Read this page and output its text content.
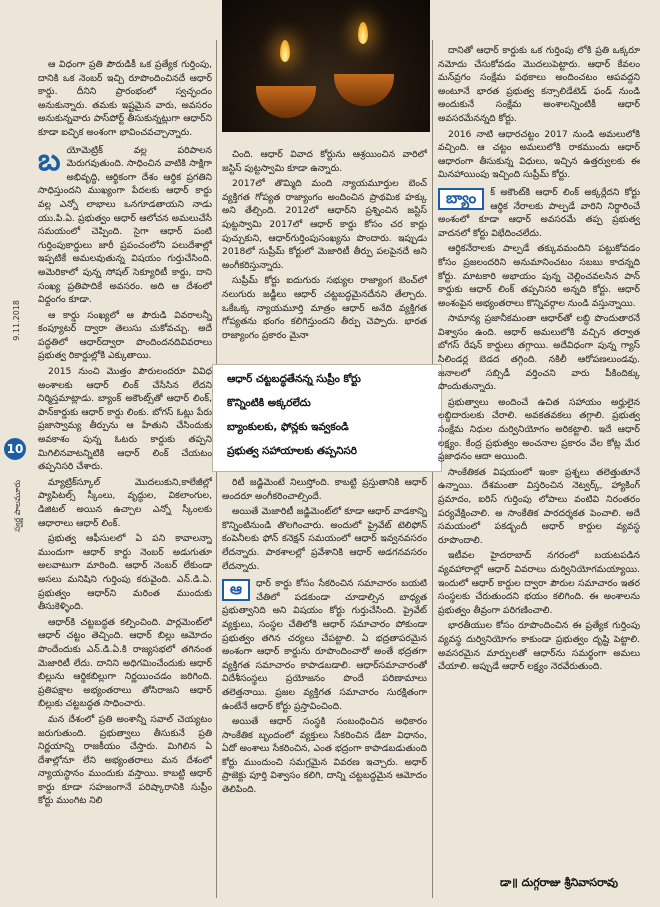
9.11.2018
స్వర్ణ పాలమూరు
10

ఆ విధంగా ప్రతి పౌరుడికీ ఒక ప్రత్యేక గుర్తింపు, దానికి ఒక నెంబర్ ఇచ్చి రూపొందించినదే ఆధార్ కార్డు. దీనిని ప్రారంభంలో స్వచ్ఛందం అనుకున్నారు. తమకు ఇష్టమైన వారు, అవసరం అనుకున్నవారు పాస్‌పోర్ట్ తీసుకున్నట్లుగా ఆధార్‌ని కూడా ఐచ్ఛిక అంశంగా భావించవచ్చాన్నారు.

బయోమెట్రిక్ వల్ల పరిపాలన మెరుగవుతుంది. సాధించిన వాటికి సాక్షిగా అభివృద్ధి, ఆర్థికంగా దేశం ఆర్థిక ప్రగతిని సాధిస్తుందని ముఖ్యంగా పేదలకు ఆధార్ కార్డు వల్ల ఎన్నో లాభాలు ఒనగూడతాయని నాడు యు.పి.ఏ. ప్రభుత్వం ఆధార్ ఆలోచన అమలుచేసే సమయంలో చెప్పింది. సైగా ఆధార్ పంటి గుర్తింపుకార్డులు జారీ ప్రపంచంలోని పలుదేశాల్లో ఇప్పటికే అమలవుతున్న విషయం గుర్తుచేసింది. అమెరికాలో పున్న సోషల్ సెక్యూరిటీ కార్డు, దాని సంఖ్య ప్రతిపాదికే అవసరం. అది ఆ దేశంలో విధ్దంగం కూడా.

ఆ కార్డు సంఖ్యలో ఆ పౌరుడి వివరాలన్నీ కంప్యూటర్ ద్వారా తెలుసు చుకోవచ్చు. అదే పద్ధతిలో ఆధార్‌ద్వారా పొందిందనదివివరాలు ప్రభుత్వ రికార్డుల్లోకి ఎక్కుతాయి.

2015 నుంచి మొత్తం పౌరులందరూ వివిధ అంశాలకు ఆధార్ లింక్ చేసేసిన లేదని నిర్మిస్తమాట్లాడు. బ్యాంక్ అకౌంట్స్‌తో ఆధార్ లింక్, పాన్‌కార్డుకు ఆధార్ కార్డు లింకు. బోగస్ ఓట్లు పేరు ప్రజాస్వామ్య తీర్పును ఆ హేతుని చేసిందుకు అవకాశం పున్న ఓటరు కార్డుకు తప్పని మిగిలినవాటన్నిటికి ఆధార్ లింక్ చేయటం తప్పనిసరి చేశారు.

మ్యాట్రిక్‌స్కూల్ మొదలుకుని,కాలేజీల్లో ప్యాపిటల్స్ స్కీంలు, వృద్ధుల, వికలాంగుల, డిజిటల్ అయిన ఉచ్చాల ఎన్నో స్కీంలకు ఆధారాలు ఆధార్ లింక్.

ప్రభుత్వ ఆఫీసులలో ఏ పని కావాలన్నా ముందుగా ఆధార్ కార్డు నెంబర్ అడుగుతూ అలవాటుగా మారింది. ఆధార్ నెంబర్ లేకుండా అసలు మనిషిని గుర్తింపు కరువైంది. ఎన్.డి.ఏ. ప్రభుత్వం ఆధార్‌ని మరింత ముందుకు తీసుకెళ్ళింది.

ఆధార్‌కి చట్టబద్ధత కల్పించింది. పార్లమెంట్‌లో ఆధార్ చట్టం తెచ్చింది. ఆధార్ బిల్లు ఆమోదం పొందేందుకు ఎన్.డి.ఏ.కి రాజ్యసభలో తగినంత మెజారిటీ లేదు. దానిని అధిగమించేందుకు ఆధార్ బిల్లును ఆర్థికబిల్లుగా నిర్ణయించడం జరిగింది. ప్రతిపక్షాల అభ్యంతరాలు తోసిరాజని ఆధార్ బిల్లుకు చట్టబద్ధత సాధించారు.

మన దేశంలో ప్రతి అంశాన్నీ సవాల్ చెయ్యటం జరుగుతుంది. ప్రభుత్వాలు తీసుకునే ప్రతి నిర్ణయాన్ని రాజకీయం చేస్తారు. మిగిలిన ఏ దేశాల్లోనూ లేని అభ్యంతరాలు మన దేశంలో న్యాయస్థానం ముందుకు వస్తాయి. కాబట్టి ఆధార్ కార్డు కూడా సహజంగానే పరిష్కారానికి సుప్రీం కోర్టు ముంగిట నిలి

చింది. ఆధార్ వివాద కోర్టును ఆశ్రయించిన వారిలో జస్టిస్ పుట్టస్వామి కూడా ఉన్నారు.

2017లో తొమ్మిది మంది న్యాయమూర్తుల బెంచ్ వ్యక్తిగత గోప్యత రాజ్యాంగం అందించిన ప్రాథమిక హక్కు అని తేల్చింది. 2012లో ఆధార్‌ని ప్రశ్నించిన జస్టిస్ పుట్టస్వామి 2017లో ఆధార్ కార్డు కోసం చర కార్లు పుచ్చుకుని, ఆధార్‌గుర్తింపుసంఖ్యను పొందారు. ఇప్పుడు 2018లో సుప్రీమ్ కోర్టులో మెజారిటీ తీర్పు పలపైనదే అని అంగీకరిస్తున్నారు.

సుప్రీమ్ కోర్టు ఐదుగురు సభ్యుల రాజ్యాంగ బెంచ్‌లో నలుగురు జడ్జీలు ఆధార్ చట్టబద్ధమైనదేనని తేల్చారు. ఒకేఒక్క న్యాయమూర్తి మాత్రం ఆధార్ అనేది వ్యక్తిగత గోప్యతను భంగం కలిగిస్తుందని తీర్పు చెప్పారు. భారత రాజ్యాంగం ప్రకారం మైనా

ఆధార్ చట్టబద్ధతేనన్న సుప్రీం కోర్టు
కొన్నింటికి అక్కరలేదు
బ్యాంకులకు, ఫోన్లకు ఇవ్వకండి
ప్రభుత్వ సహాయాలకు తప్పనిసరి

రిటీ జడ్జిమెంటే నిలుస్తోంది. కాబట్టి ప్రస్తుతానికి ఆధార్ అందరూ అంగీకరించాల్సిందే.

అయితే మెజారిటీ జడ్జిమెంట్‌లో కూడా ఆధార్ వాడకాన్ని కొన్నింటినుండి తొలగించారు. అందులో ప్రైవేట్ టెలిఫోన్ కంపెనీలకు ఫోన్ కనెక్షన్ సమయంలో ఆధార్ ఇవ్వనవసరం లేదన్నారు. పాఠశాలల్లో ప్రవేశానికి ఆధార్ అడగనవసరం లేదన్నారు.

ఆ	ధార్ కార్డు కోసం సేకరించిన సమాచారం బయటి చేతిలో పడకుండా చూడాల్సిన బాధ్యత ప్రభుత్వానిది అని విషయం కోర్టు గుర్తుచేసింది. ప్రైవేట్ వ్యక్తులు, సంస్థల చేతిలోకి ఆధార్ సమాచారం పోకుండా ప్రభుత్వం తగిన చర్యలు చేపట్టాలి. ఏ భద్రతాపరమైన అంశంగా ఆధార్ కార్డును రూపొందించారో అంతే భద్రతగా వ్యక్తిగత సమాచారం కాపాడబడాలి. ఆధార్‌సమాచారంతో విదేశీసంస్థలు ప్రయోజనం పొందే పరిణామాలు తలెత్తనాయి. ప్రజల వ్యక్తిగత సమాచారం సురక్షితంగా ఉంటేనే ఆధార్ కోర్టు ప్రస్తావించింది.

అయితే ఆధార్ సంస్థకి సంబంధించిన అధికారం సాంకేతిక బృందంలో వ్యక్తులు సేకరించిన డేటా విధానం, ఏదో అంశాలు సేకరించిన, ఎంత భద్రంగా కాపాడబడుతుంది కోర్టు ముందుంచి సమగ్రమైన వివరణ ఇచ్చారు. అధార్ ప్రాజెక్టు పూర్తి విశ్వాసం కలిగి, దాన్ని చట్టబద్ధమైన ఆమోదం తెలిపింది.

దానితో ఆధార్ కార్డుకు ఒక గుర్తింపు లోకి ప్రతి ఒక్కరూ నమోదు చేసుకోవడం మొదలుపెట్టారు. ఆధార్ కేవలం మన్‌వ్రగం సంక్షేమ పథకాలు అందించటం ఆపవద్దని అంటూనే భారత ప్రభుత్వ కన్సాలిడేటెడ్ ఫండ్ నుండి అందుకునే సంక్షేమ అంశాలన్నింటికీ ఆధార్ అవసరమేనన్నది కోర్టు.

2016 నాటి ఆధారచట్టం 2017 నుండి అమలులోకి వచ్చింది. ఆ చట్టం అమలులోకి రాకముందు ఆధార్ ఆధారంగా తీసుకున్న విధులు, ఇచ్చిన ఉత్తర్వులకు ఈ మినహాయింపు ఇచ్చింది సుప్రీమ్ కోర్టు.

బ్యాం	క్ అకౌంట్‌కి ఆధార్ లింక్ అక్కర్లేదని కోర్టు ఆర్థిక నేరాలకు పాల్పడే వారిని నిర్ధారించే అంశంలో కూడా ఆధార్ అవసరమే తప్ప ప్రభుత్వ వాదనలో కోర్టు విభేదించలేదు.

ఆర్థికనేరాలకు పాల్పడే తక్కువమందిని పట్టుకోవడం కోసం ప్రజలందరిని అనుమానించటం సబబు కాదన్నది కోర్టు. మాటకారి అభాయం పున్న చెల్లించవలసిన పాన్ కార్డుకు ఆధార్ లింక్ తప్పనిసరి అన్నది కోర్టు. ఆధార్ అంశంపైన అభ్యంతరాలు కొన్నివర్గాల నుండి వస్తున్నాయి.

సామాన్య ప్రజానీకమంతా ఆధార్‌తో లబ్ధి పొందుతారనే విశ్వాసం ఉంది. ఆధార్ అమలులోకి వచ్చిన తర్వాత బోగస్ రేషన్ కార్డులు తగ్గాయి. అదేవిధంగా పున్న గ్యాస్ సిలిండర్ల బెడద తగ్గింది. నకిలీ ఆరోపణలుండవు. జనాలలో సబ్సిడీ వర్తించని వారు పీకిందిక్కు పొందుతున్నారు.

ప్రభుత్వాలు అందించే ఉచిత సహాయం అర్హులైన లబ్ధిదారులకు చేరాలి. అవకతవకలు తగ్గాలి. ప్రభుత్వ సంక్షేమ నిధుల దుర్వినియోగం అరికట్టాలి. ఇదే ఆధార్ లక్ష్యం. కేంద్ర ప్రభుత్వం అంచనాల ప్రకారం వేల కోట్ల మేర ప్రజాధనం ఆదా అయింది.

సాంకేతికత విషయంలో ఇంకా ప్రశ్నలు తలెత్తుతూనే ఉన్నాయి. దేశమంతా విస్తరించిన నెట్వర్క్, హ్యాకింగ్ ప్రమాదం, ఐరిస్ గుర్తింపు లోపాలు వంటివి నిరంతరం పర్యవేక్షించాలి. అ సాంకేతిక పారదర్శకత పెంచాలి. అదే సమయంలో పకడ్బందీ ఆధార్ కార్డుల వ్యవస్థ రూపొందాలి.

ఇటీవల హైదరాబాద్ నగరంలో బయటపడిన వ్యవహారాల్లో ఆధార్ వివరాలు దుర్వినియోగమయ్యాయి. ఇందులో ఆధార్ కార్డుల ద్వారా పౌరుల సమాచారం ఇతర సంస్థలకు చేరుతుందని భయం కలిగింది. ఈ అంశాలను ప్రభుత్వం తీవ్రంగా పరిగణించాలి.

భారతీయుల కోసం రూపొందించిన ఈ ప్రత్యేక గుర్తింపు వ్యవస్థ దుర్వినియోగం కాకుండా ప్రభుత్వం దృష్టి పెట్టాలి. అవసరమైన మార్పులతో ఆధార్‌ను సమర్థంగా అమలు చేయాలి. అప్పుడే ఆధార్ లక్ష్యం నెరవేరుతుంది.

డా॥ దుగ్గరాజు శ్రీనివాసరావు
